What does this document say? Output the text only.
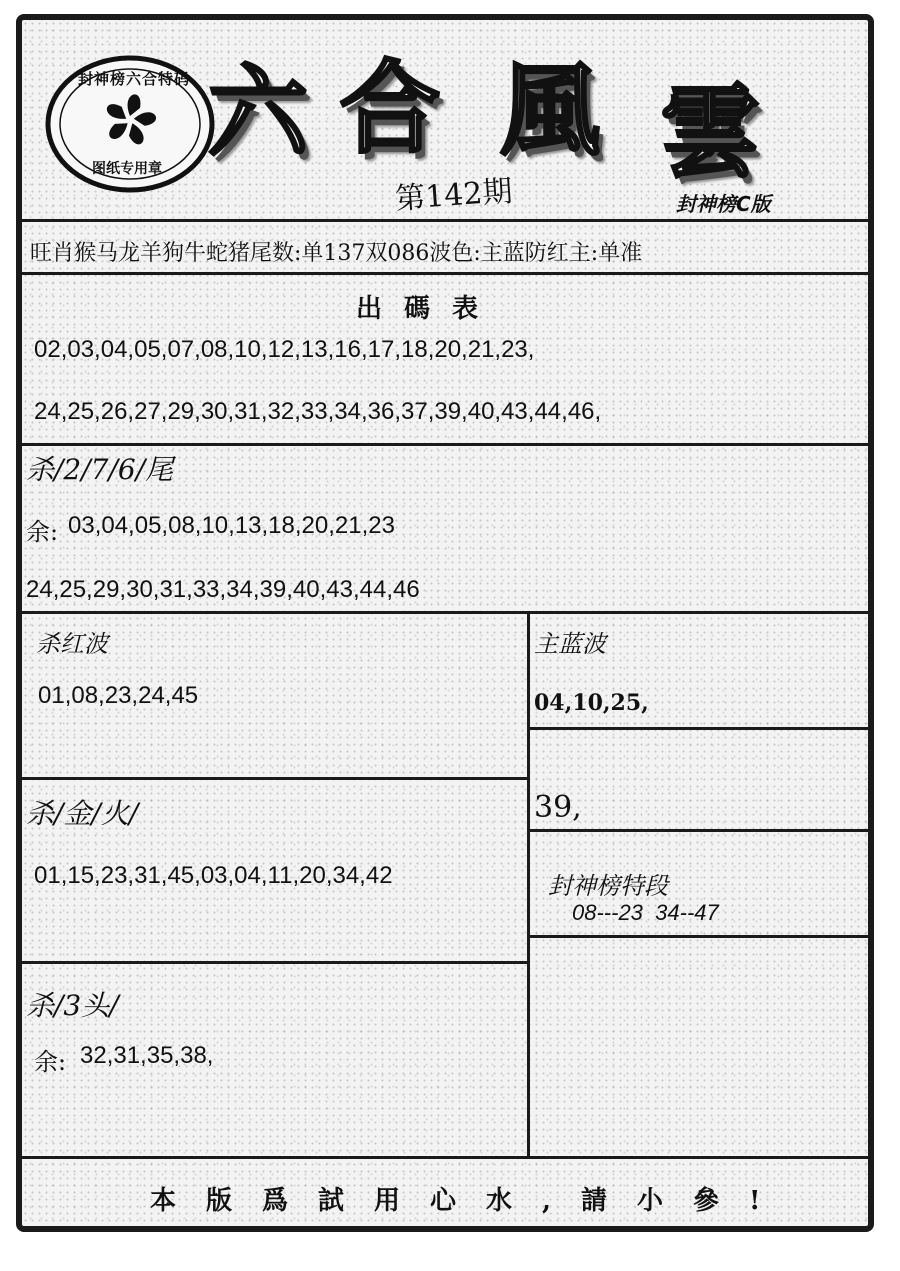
封神榜六合特码
图纸专用章 六 合 風 雲
第142期	封神榜C版
旺肖猴马龙羊狗牛蛇猪尾数:单137双086波色:主蓝防红主:单准
出碼表
02,03,04,05,07,08,10,12,13,16,17,18,20,21,23,
24,25,26,27,29,30,31,32,33,34,36,37,39,40,43,44,46,
杀/2/7/6/尾
余: 03,04,05,08,10,13,18,20,21,23
24,25,29,30,31,33,34,39,40,43,44,46
杀红波
01,08,23,24,45
主蓝波
04,10,25,
39,
杀/金/火/
01,15,23,31,45,03,04,11,20,34,42	封神榜特段
08---23  34--47
杀/3头/
余: 32,31,35,38,
本版爲試用心水,請小參!
